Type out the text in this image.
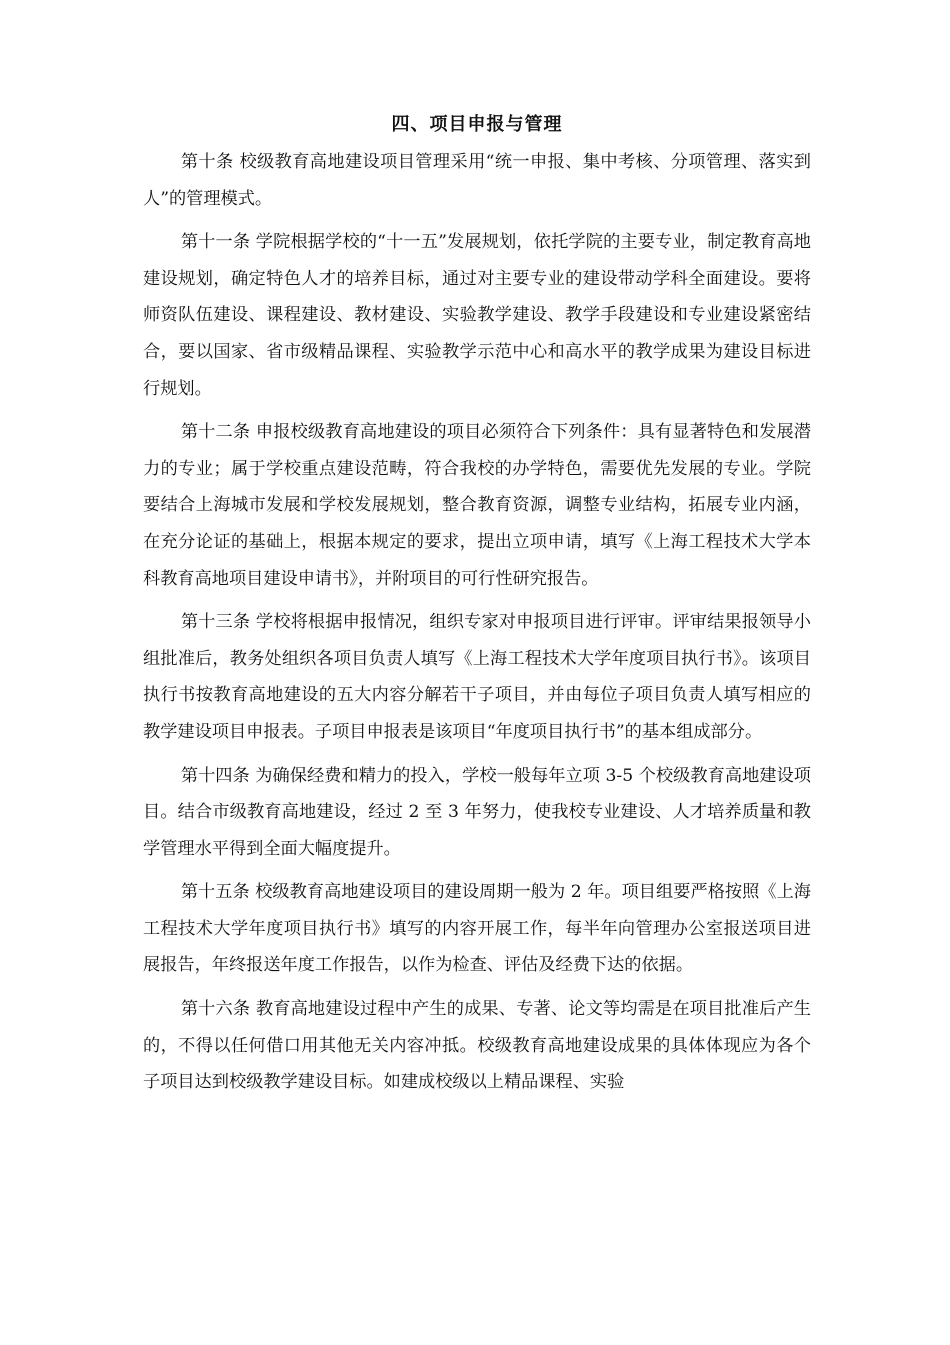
四、项目申报与管理

第十条 校级教育高地建设项目管理采用“统一申报、集中考核、分项管理、落实到人”的管理模式。

第十一条 学院根据学校的“十一五”发展规划，依托学院的主要专业，制定教育高地建设规划，确定特色人才的培养目标，通过对主要专业的建设带动学科全面建设。要将师资队伍建设、课程建设、教材建设、实验教学建设、教学手段建设和专业建设紧密结合，要以国家、省市级精品课程、实验教学示范中心和高水平的教学成果为建设目标进行规划。

第十二条 申报校级教育高地建设的项目必须符合下列条件：具有显著特色和发展潜力的专业；属于学校重点建设范畴，符合我校的办学特色，需要优先发展的专业。学院要结合上海城市发展和学校发展规划，整合教育资源，调整专业结构，拓展专业内涵，在充分论证的基础上，根据本规定的要求，提出立项申请，填写《上海工程技术大学本科教育高地项目建设申请书》，并附项目的可行性研究报告。

第十三条 学校将根据申报情况，组织专家对申报项目进行评审。评审结果报领导小组批准后，教务处组织各项目负责人填写《上海工程技术大学年度项目执行书》。该项目执行书按教育高地建设的五大内容分解若干子项目，并由每位子项目负责人填写相应的教学建设项目申报表。子项目申报表是该项目“年度项目执行书”的基本组成部分。

第十四条 为确保经费和精力的投入，学校一般每年立项 3-5 个校级教育高地建设项目。结合市级教育高地建设，经过 2 至 3 年努力，使我校专业建设、人才培养质量和教学管理水平得到全面大幅度提升。

第十五条 校级教育高地建设项目的建设周期一般为 2 年。项目组要严格按照《上海工程技术大学年度项目执行书》填写的内容开展工作，每半年向管理办公室报送项目进展报告，年终报送年度工作报告，以作为检查、评估及经费下达的依据。

第十六条 教育高地建设过程中产生的成果、专著、论文等均需是在项目批准后产生的，不得以任何借口用其他无关内容冲抵。校级教育高地建设成果的具体体现应为各个子项目达到校级教学建设目标。如建成校级以上精品课程、实验
